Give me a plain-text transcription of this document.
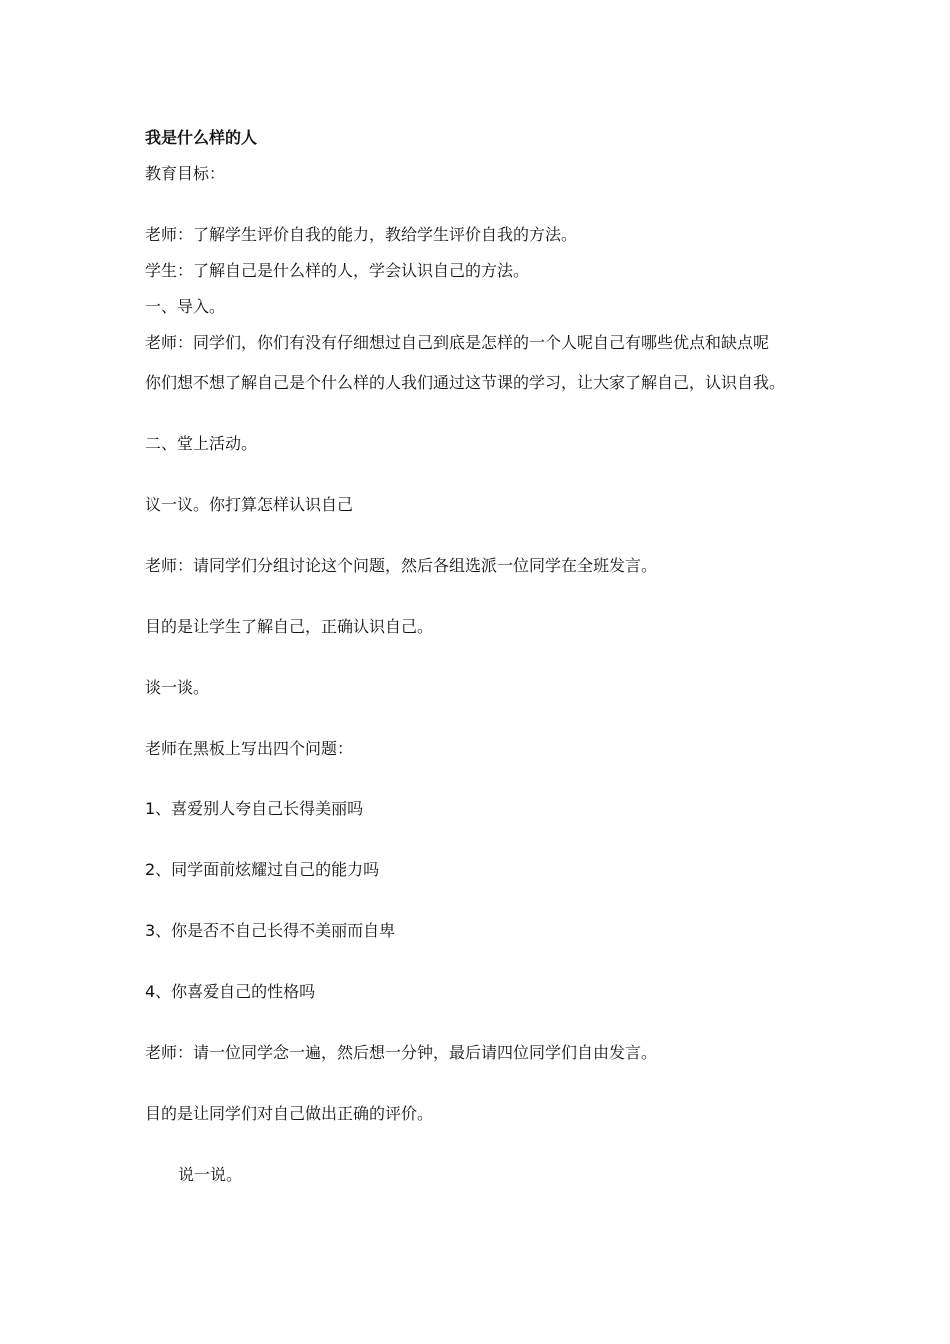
我是什么样的人
教育目标：
老师：了解学生评价自我的能力，教给学生评价自我的方法。
学生：了解自己是什么样的人，学会认识自己的方法。
一、导入。
老师：同学们，你们有没有仔细想过自己到底是怎样的一个人呢自己有哪些优点和缺点呢
你们想不想了解自己是个什么样的人我们通过这节课的学习，让大家了解自己，认识自我。
二、堂上活动。
议一议。你打算怎样认识自己
老师：请同学们分组讨论这个问题，然后各组选派一位同学在全班发言。
目的是让学生了解自己，正确认识自己。
谈一谈。
老师在黑板上写出四个问题：
1、喜爱别人夸自己长得美丽吗
2、同学面前炫耀过自己的能力吗
3、你是否不自己长得不美丽而自卑
4、你喜爱自己的性格吗
老师：请一位同学念一遍，然后想一分钟，最后请四位同学们自由发言。
目的是让同学们对自己做出正确的评价。
说一说。
